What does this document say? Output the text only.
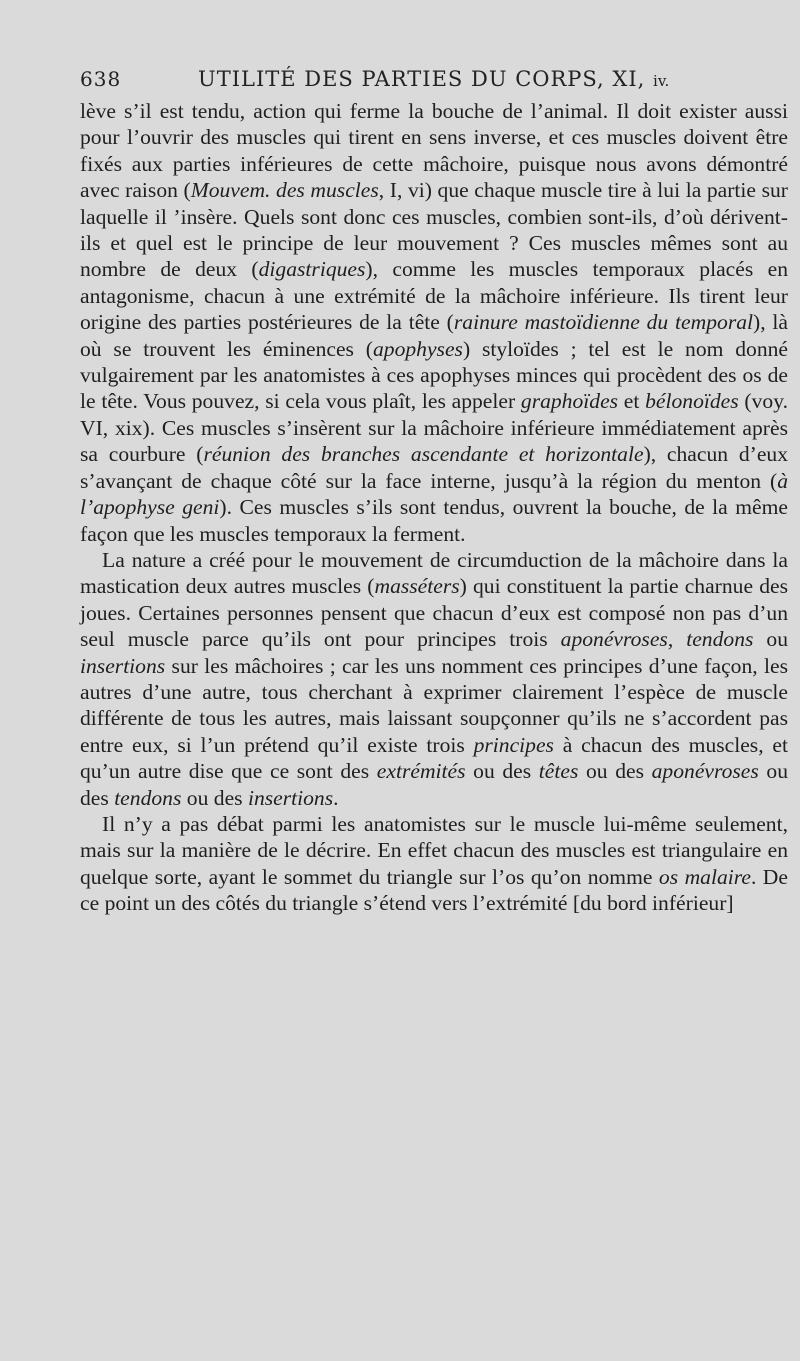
638	UTILITÉ DES PARTIES DU CORPS, XI, iv.

lève s’il est tendu, action qui ferme la bouche de l’animal. Il doit exister aussi pour l’ouvrir des muscles qui tirent en sens inverse, et ces muscles doivent être fixés aux parties inférieures de cette mâchoire, puisque nous avons démontré avec raison (Mouvem. des muscles, I, vi) que chaque muscle tire à lui la partie sur laquelle il ’insère. Quels sont donc ces muscles, combien sont-ils, d’où dérivent-ils et quel est le principe de leur mouvement ? Ces muscles mêmes sont au nombre de deux (digastriques), comme les muscles temporaux placés en antagonisme, chacun à une extrémité de la mâchoire inférieure. Ils tirent leur origine des parties postérieures de la tête (rainure mastoïdienne du temporal), là où se trouvent les éminences (apophyses) styloïdes ; tel est le nom donné vulgairement par les anatomistes à ces apophyses minces qui procèdent des os de le tête. Vous pouvez, si cela vous plaît, les appeler graphoïdes et bélonoïdes (voy. VI, xix). Ces muscles s’insèrent sur la mâchoire inférieure immédiatement après sa courbure (réunion des branches ascendante et horizontale), chacun d’eux s’avançant de chaque côté sur la face interne, jusqu’à la région du menton (à l’apophyse geni). Ces muscles s’ils sont tendus, ouvrent la bouche, de la même façon que les muscles temporaux la ferment.

La nature a créé pour le mouvement de circumduction de la mâchoire dans la mastication deux autres muscles (masséters) qui constituent la partie charnue des joues. Certaines personnes pensent que chacun d’eux est composé non pas d’un seul muscle parce qu’ils ont pour principes trois aponévroses, tendons ou insertions sur les mâchoires ; car les uns nomment ces principes d’une façon, les autres d’une autre, tous cherchant à exprimer clairement l’espèce de muscle différente de tous les autres, mais laissant soupçonner qu’ils ne s’accordent pas entre eux, si l’un prétend qu’il existe trois principes à chacun des muscles, et qu’un autre dise que ce sont des extrémités ou des têtes ou des aponévroses ou des tendons ou des insertions.

Il n’y a pas débat parmi les anatomistes sur le muscle lui-même seulement, mais sur la manière de le décrire. En effet chacun des muscles est triangulaire en quelque sorte, ayant le sommet du triangle sur l’os qu’on nomme os malaire. De ce point un des côtés du triangle s’étend vers l’extrémité [du bord inférieur]
